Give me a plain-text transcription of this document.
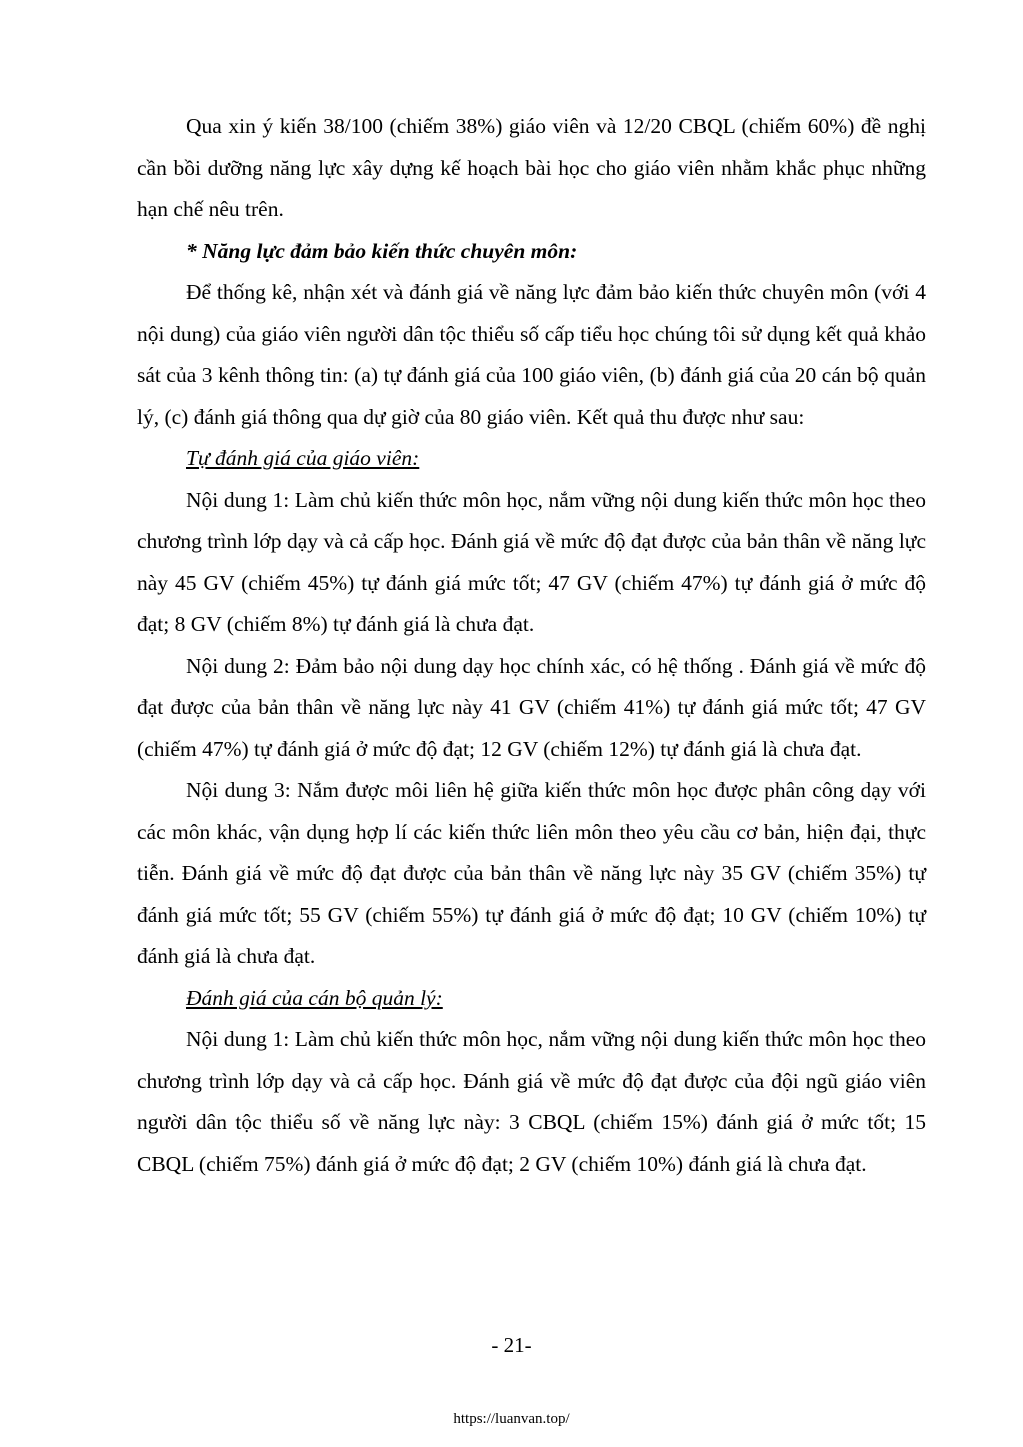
Qua xin ý kiến 38/100 (chiếm 38%) giáo viên và 12/20 CBQL (chiếm 60%) đề nghị cần bồi dưỡng năng lực xây dựng kế hoạch bài học cho giáo viên nhằm khắc phục những hạn chế nêu trên.

* Năng lực đảm bảo kiến thức chuyên môn:

Để thống kê, nhận xét và đánh giá về năng lực đảm bảo kiến thức chuyên môn (với 4 nội dung) của giáo viên người dân tộc thiểu số cấp tiểu học chúng tôi sử dụng kết quả khảo sát của 3 kênh thông tin: (a) tự đánh giá của 100 giáo viên, (b) đánh giá của 20 cán bộ quản lý, (c) đánh giá thông qua dự giờ của 80 giáo viên. Kết quả thu được như sau:

Tự đánh giá của giáo viên:

Nội dung 1: Làm chủ kiến thức môn học, nắm vững nội dung kiến thức môn học theo chương trình lớp dạy và cả cấp học. Đánh giá về mức độ đạt được của bản thân về năng lực này 45 GV (chiếm 45%) tự đánh giá mức tốt; 47 GV (chiếm 47%) tự đánh giá ở mức độ đạt; 8 GV (chiếm 8%) tự đánh giá là chưa đạt.

Nội dung 2: Đảm bảo nội dung dạy học chính xác, có hệ thống . Đánh giá về mức độ đạt được của bản thân về năng lực này 41 GV (chiếm 41%) tự đánh giá mức tốt; 47 GV (chiếm 47%) tự đánh giá ở mức độ đạt; 12 GV (chiếm 12%) tự đánh giá là chưa đạt.

Nội dung 3: Nắm được môi liên hệ giữa kiến thức môn học được phân công dạy với các môn khác, vận dụng hợp lí các kiến thức liên môn theo yêu cầu cơ bản, hiện đại, thực tiễn. Đánh giá về mức độ đạt được của bản thân về năng lực này 35 GV (chiếm 35%) tự đánh giá mức tốt; 55 GV (chiếm 55%) tự đánh giá ở mức độ đạt; 10 GV (chiếm 10%) tự đánh giá là chưa đạt.

Đánh giá của cán bộ quản lý:

Nội dung 1: Làm chủ kiến thức môn học, nắm vững nội dung kiến thức môn học theo chương trình lớp dạy và cả cấp học. Đánh giá về mức độ đạt được của đội ngũ giáo viên người dân tộc thiểu số về năng lực này: 3 CBQL (chiếm 15%) đánh giá ở mức tốt; 15 CBQL (chiếm 75%) đánh giá ở mức độ đạt; 2 GV (chiếm 10%) đánh giá là chưa đạt.

- 21-
https://luanvan.top/
